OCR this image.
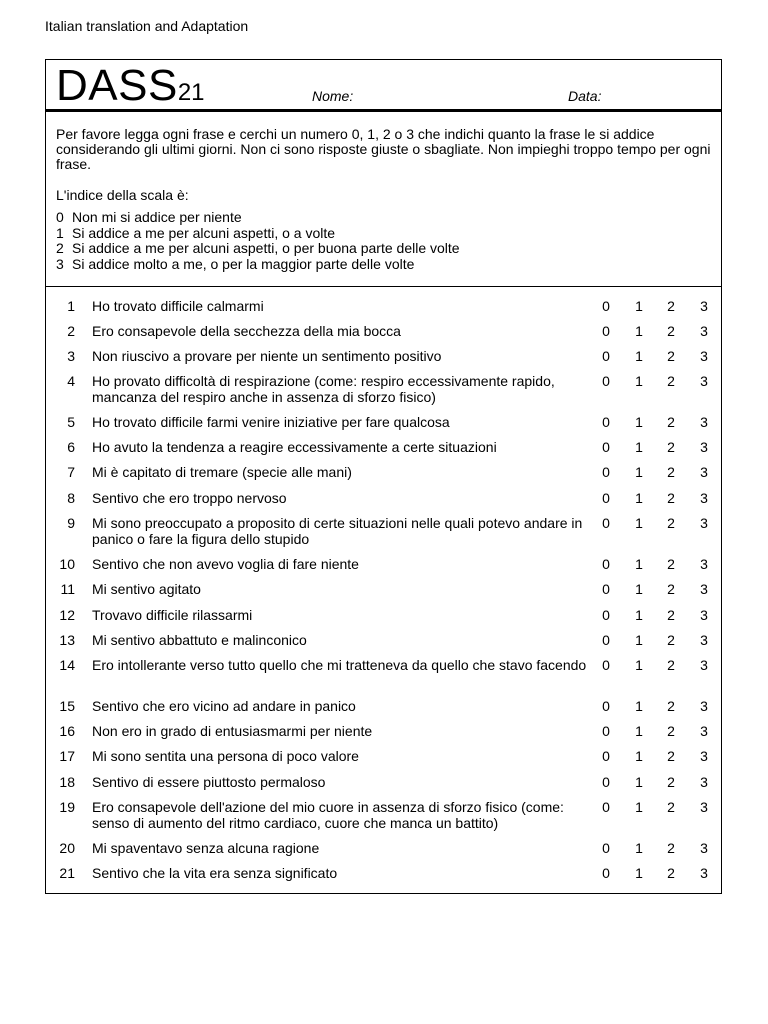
Italian translation and Adaptation
DASS21	Nome:	Data:
Per favore legga ogni frase e cerchi un numero 0, 1, 2 o 3 che indichi quanto la frase le si addice considerando gli ultimi giorni. Non ci sono risposte giuste o sbagliate. Non impieghi troppo tempo per ogni frase.
L'indice della scala è:
0 Non mi si addice per niente
1 Si addice a me per alcuni aspetti, o a volte
2 Si addice a me per alcuni aspetti, o per buona parte delle volte
3 Si addice molto a me, o per la maggior parte delle volte
1 Ho trovato difficile calmarmi	0 1 2 3
2 Ero consapevole della secchezza della mia bocca	0 1 2 3
3 Non riuscivo a provare per niente un sentimento positivo	0 1 2 3
4 Ho provato difficoltà di respirazione (come: respiro eccessivamente rapido, mancanza del respiro anche in assenza di sforzo fisico)
0 1 2 3
5 Ho trovato difficile farmi venire iniziative per fare qualcosa	0 1 2 3
6 Ho avuto la tendenza a reagire eccessivamente a certe situazioni	0 1 2 3
7 Mi è capitato di tremare (specie alle mani)	0 1 2 3
8 Sentivo che ero troppo nervoso	0 1 2 3
9 Mi sono preoccupato a proposito di certe situazioni nelle quali potevo andare in panico o fare la figura dello stupido
0 1 2 3
10 Sentivo che non avevo voglia di fare niente	0 1 2 3
11 Mi sentivo agitato	0 1 2 3
12 Trovavo difficile rilassarmi	0 1 2 3
13 Mi sentivo abbattuto e malinconico	0 1 2 3
14 Ero intollerante verso tutto quello che mi tratteneva da quello che stavo facendo	0 1 2 3
15 Sentivo che ero vicino ad andare in panico	0 1 2 3
16 Non ero in grado di entusiasmarmi per niente	0 1 2 3
17 Mi sono sentita una persona di poco valore	0 1 2 3
18 Sentivo di essere piuttosto permaloso	0 1 2 3
19 Ero consapevole dell'azione del mio cuore in assenza di sforzo fisico (come: senso di aumento del ritmo cardiaco, cuore che manca un battito)
0 1 2 3
20 Mi spaventavo senza alcuna ragione	0 1 2 3
21 Sentivo che la vita era senza significato	0 1 2 3
